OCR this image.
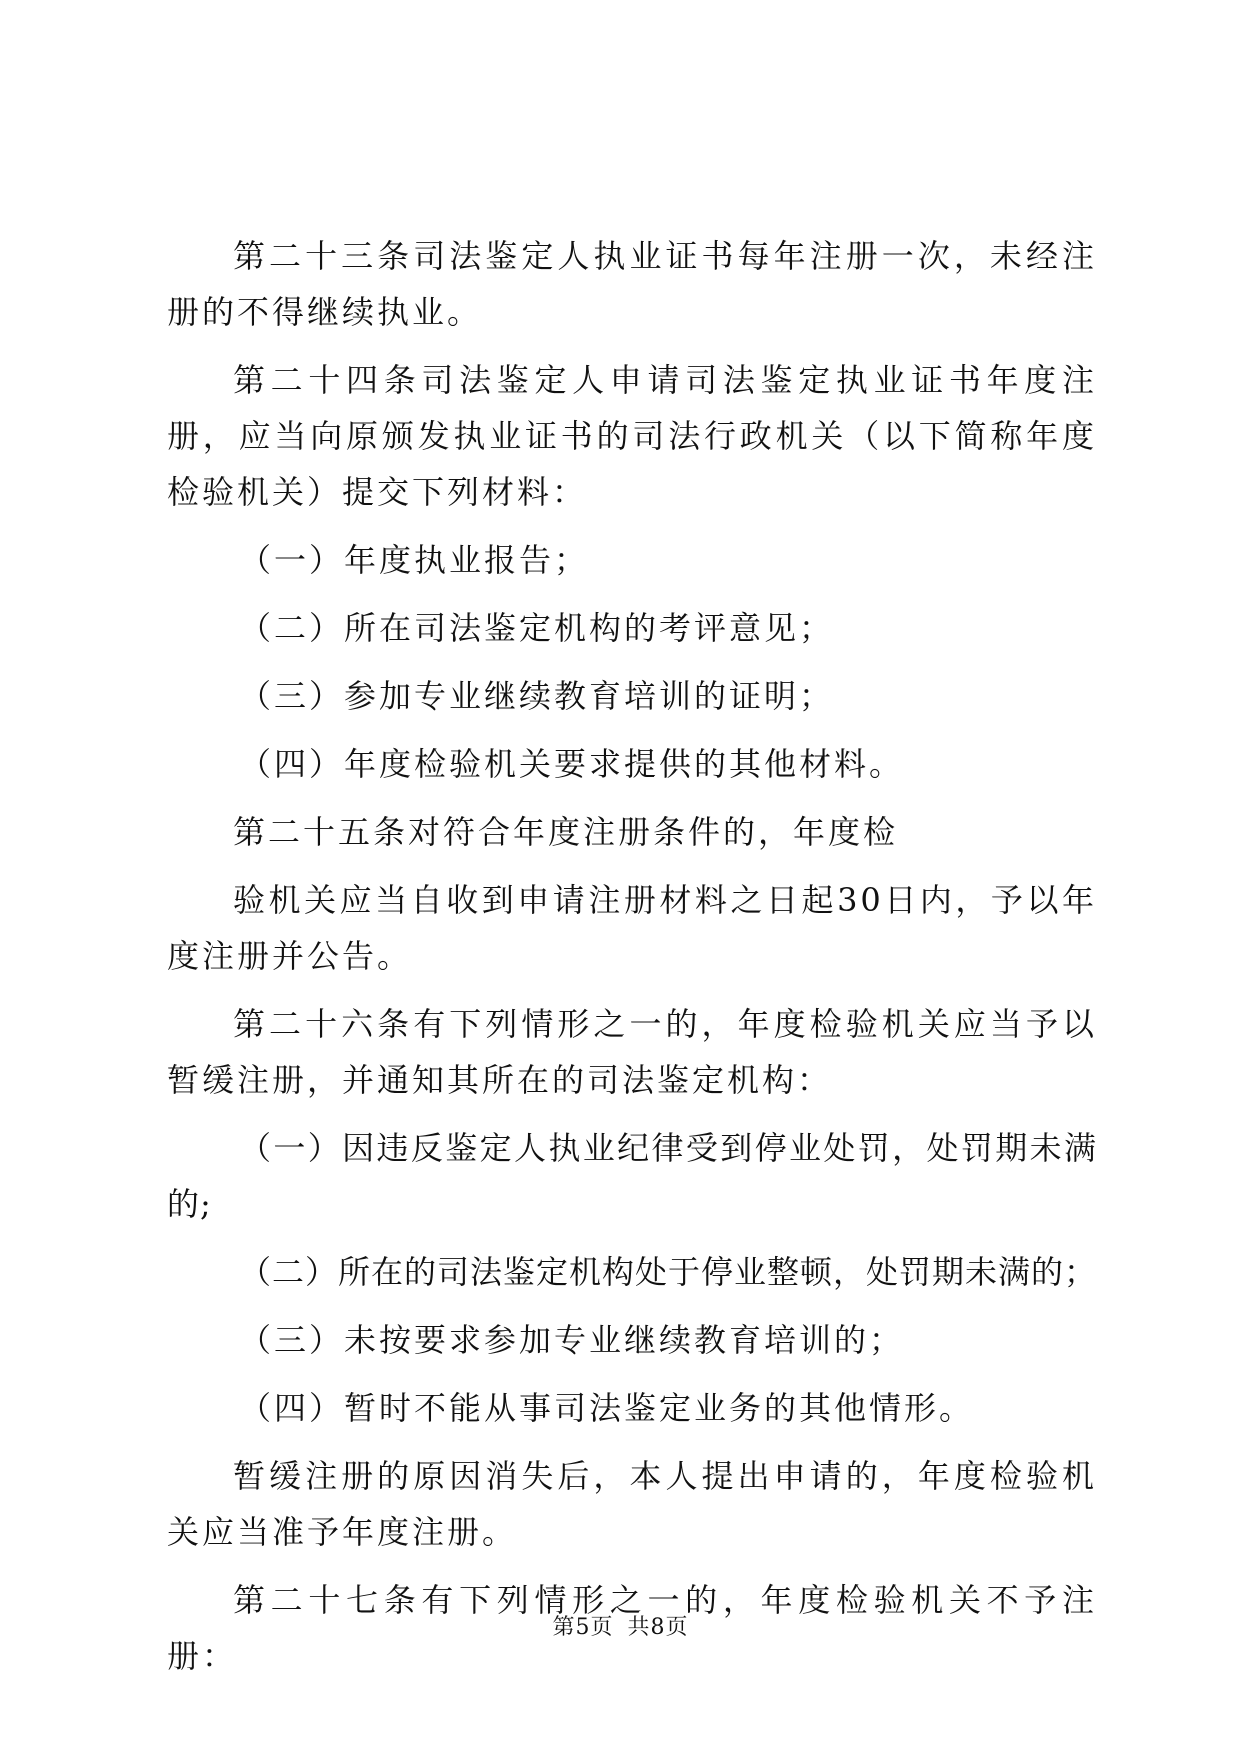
第二十三条司法鉴定人执业证书每年注册一次，未经注册的不得继续执业。

第二十四条司法鉴定人申请司法鉴定执业证书年度注册，应当向原颁发执业证书的司法行政机关（以下简称年度检验机关）提交下列材料：

（一）年度执业报告；

（二）所在司法鉴定机构的考评意见；

（三）参加专业继续教育培训的证明；

（四）年度检验机关要求提供的其他材料。

第二十五条对符合年度注册条件的，年度检

验机关应当自收到申请注册材料之日起30日内，予以年度注册并公告。

第二十六条有下列情形之一的，年度检验机关应当予以暂缓注册，并通知其所在的司法鉴定机构：

（一）因违反鉴定人执业纪律受到停业处罚，处罚期未满的;

（二）所在的司法鉴定机构处于停业整顿，处罚期未满的；

（三）未按要求参加专业继续教育培训的；

（四）暂时不能从事司法鉴定业务的其他情形。

暂缓注册的原因消失后，本人提出申请的，年度检验机关应当准予年度注册。

第二十七条有下列情形之一的，年度检验机关不予注册：

第5页 共8页
